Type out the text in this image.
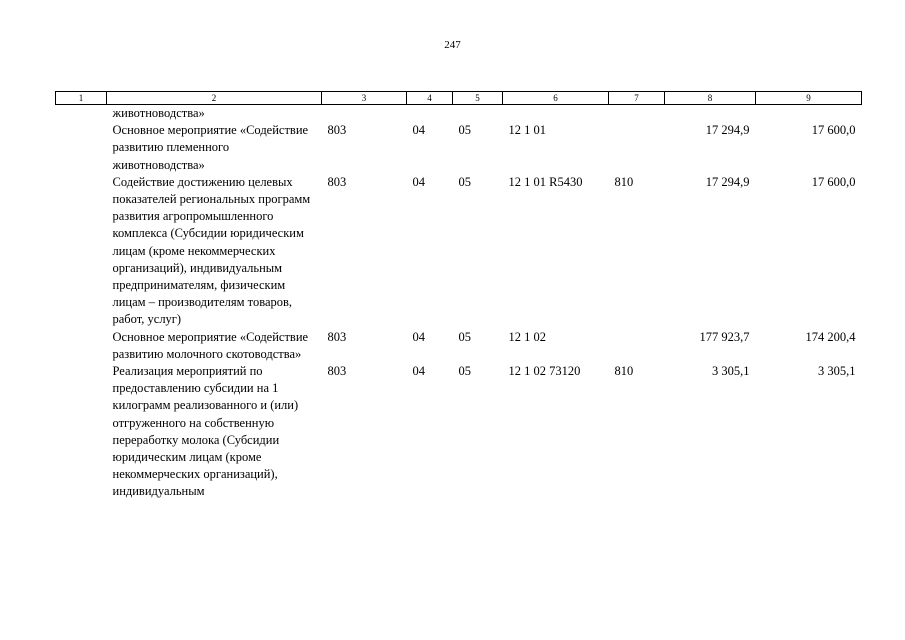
247
1	2	3	4	5	6	7	8	9
	животноводства»							
	Основное мероприятие «Содействие развитию племенного животноводства»	803	04	05	12 1 01		17 294,9	17 600,0
	Содействие достижению целевых показателей региональных программ развития агропромышленного комплекса (Субсидии юридическим лицам (кроме некоммерческих организаций), индивидуальным предпринимателям, физическим лицам – производителям товаров, работ, услуг)	803	04	05	12 1 01 R5430	810	17 294,9	17 600,0
	Основное мероприятие «Содействие развитию молочного скотоводства»	803	04	05	12 1 02		177 923,7	174 200,4
	Реализация мероприятий по предоставлению субсидии на 1 килограмм реализованного и (или) отгруженного на собственную переработку молока (Субсидии юридическим лицам (кроме некоммерческих организаций), индивидуальным	803	04	05	12 1 02 73120	810	3 305,1	3 305,1
